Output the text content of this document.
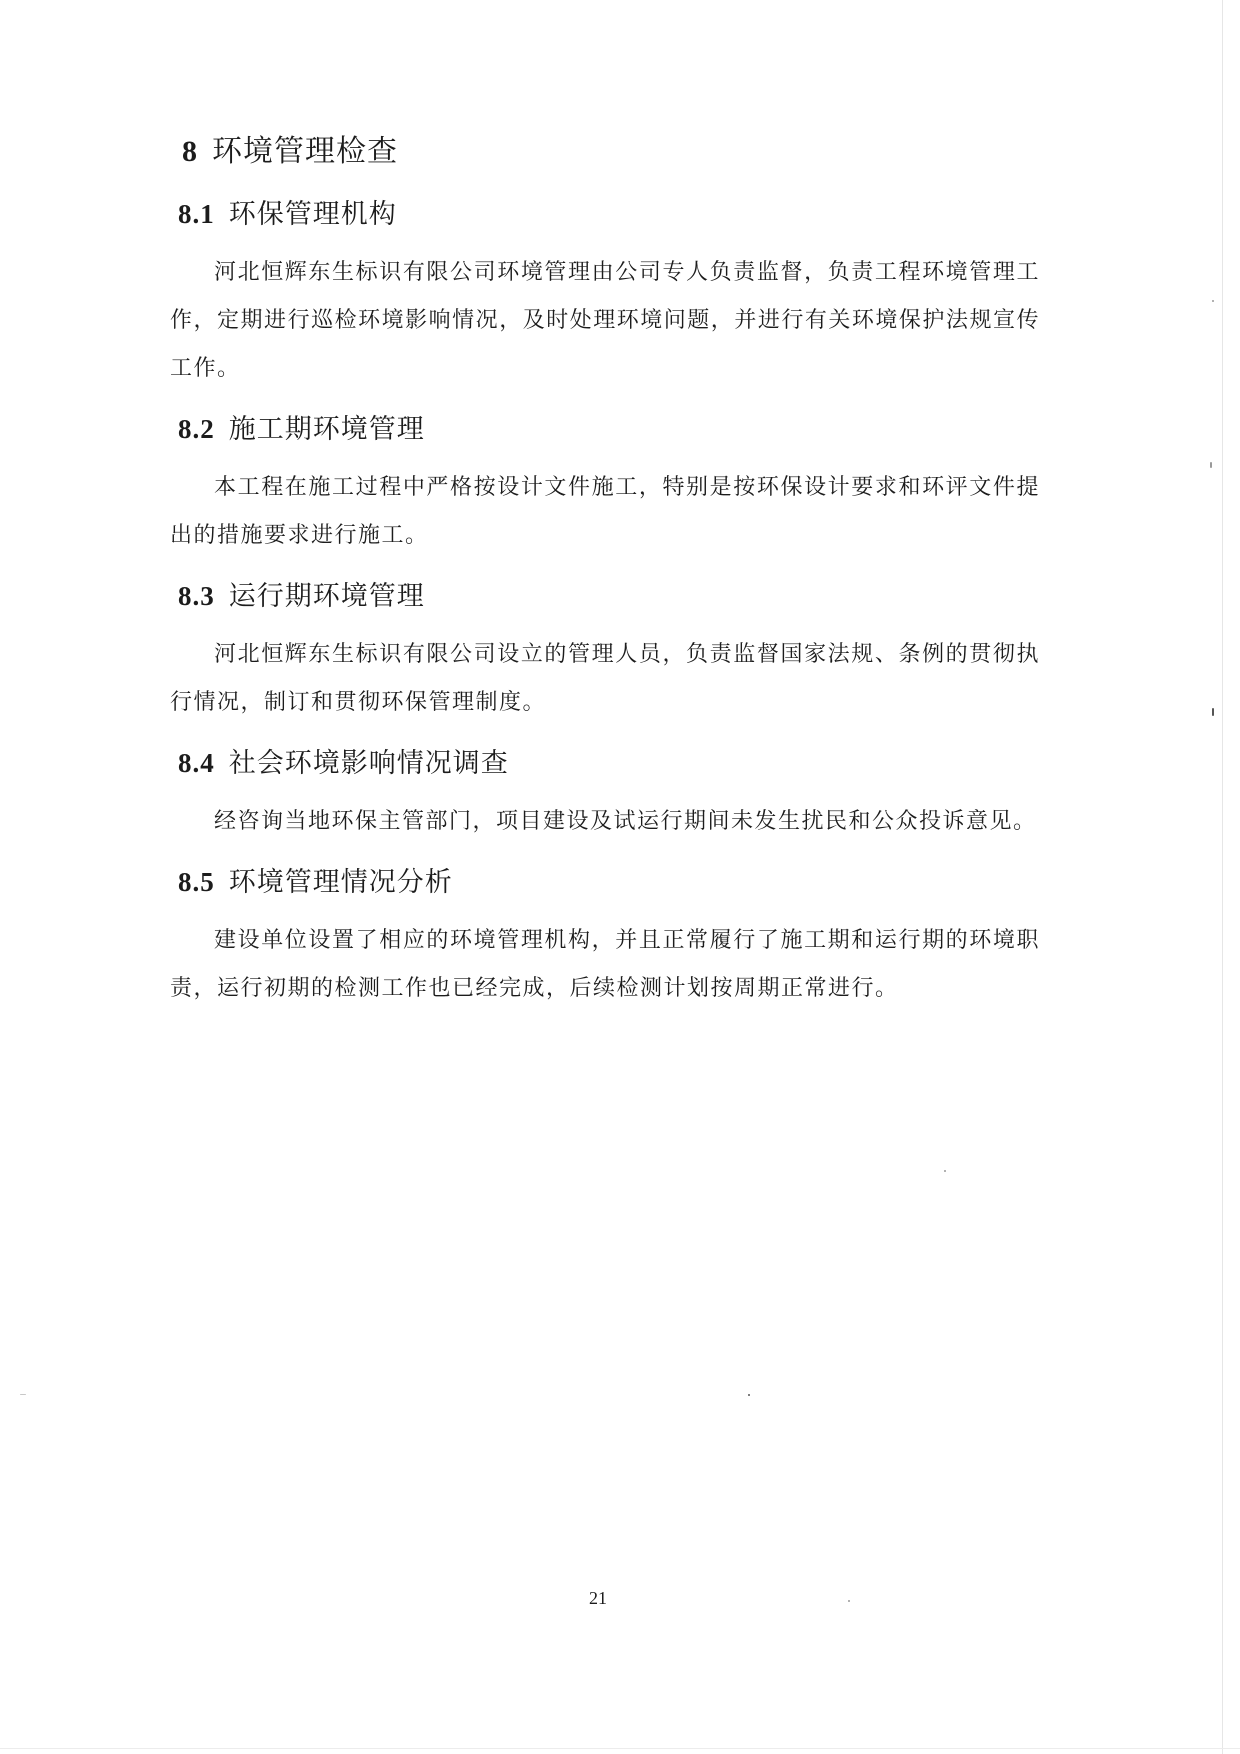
8 环境管理检查
8.1 环保管理机构

河北恒辉东生标识有限公司环境管理由公司专人负责监督，负责工程环境管理工作，定期进行巡检环境影响情况，及时处理环境问题，并进行有关环境保护法规宣传工作。

8.2 施工期环境管理

本工程在施工过程中严格按设计文件施工，特别是按环保设计要求和环评文件提出的措施要求进行施工。

8.3 运行期环境管理

河北恒辉东生标识有限公司设立的管理人员，负责监督国家法规、条例的贯彻执行情况，制订和贯彻环保管理制度。

8.4 社会环境影响情况调查

经咨询当地环保主管部门，项目建设及试运行期间未发生扰民和公众投诉意见。

8.5 环境管理情况分析

建设单位设置了相应的环境管理机构，并且正常履行了施工期和运行期的环境职责，运行初期的检测工作也已经完成，后续检测计划按周期正常进行。

21
